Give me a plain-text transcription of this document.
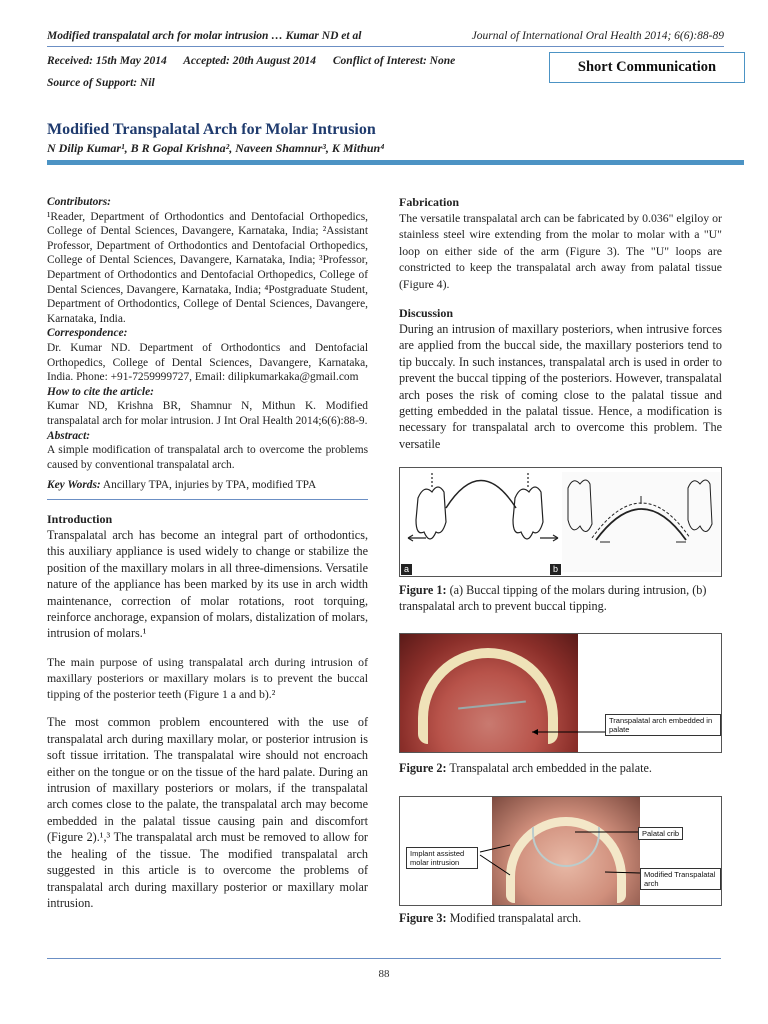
Modified transpalatal arch for molar intrusion … Kumar ND et al	Journal of International Oral Health 2014; 6(6):88-89
Received: 15th May 2014 Accepted: 20th August 2014 Conflict of Interest: None
Source of Support: Nil
Short Communication
Modified Transpalatal Arch for Molar Intrusion
N Dilip Kumar¹, B R Gopal Krishna², Naveen Shamnur³, K Mithun⁴
Contributors:
¹Reader, Department of Orthodontics and Dentofacial Orthopedics, College of Dental Sciences, Davangere, Karnataka, India; ²Assistant Professor, Department of Orthodontics and Dentofacial Orthopedics, College of Dental Sciences, Davangere, Karnataka, India; ³Professor, Department of Orthodontics and Dentofacial Orthopedics, College of Dental Sciences, Davangere, Karnataka, India; ⁴Postgraduate Student, Department of Orthodontics, College of Dental Sciences, Davangere, Karnataka, India.
Correspondence:
Dr. Kumar ND. Department of Orthodontics and Dentofacial Orthopedics, College of Dental Sciences, Davangere, Karnataka, India. Phone: +91-7259999727, Email: dilipkumarkaka@gmail.com
How to cite the article:
Kumar ND, Krishna BR, Shamnur N, Mithun K. Modified transpalatal arch for molar intrusion. J Int Oral Health 2014;6(6):88-9.
Abstract:
A simple modification of transpalatal arch to overcome the problems caused by conventional transpalatal arch.
Key Words: Ancillary TPA, injuries by TPA, modified TPA
Introduction

Transpalatal arch has become an integral part of orthodontics, this auxiliary appliance is used widely to change or stabilize the position of the maxillary molars in all three-dimensions. Versatile nature of the appliance has been marked by its use in arch width maintenance, correction of molar rotations, root torquing, reinforce anchorage, expansion of molars, distalization of molars, intrusion of molars.¹

The main purpose of using transpalatal arch during intrusion of maxillary posteriors or maxillary molars is to prevent the buccal tipping of the posterior teeth (Figure 1 a and b).²

The most common problem encountered with the use of transpalatal arch during maxillary molar, or posterior intrusion is soft tissue irritation. The transpalatal wire should not encroach either on the tongue or on the tissue of the hard palate. During an intrusion of maxillary posteriors or molars, if the transpalatal arch comes close to the palate, the transpalatal arch may become embedded in the palatal tissue causing pain and discomfort (Figure 2).¹,³ The transpalatal arch must be removed to allow for the healing of the tissue. The modified transpalatal arch suggested in this article is to overcome the problems of transpalatal arch during maxillary posterior or maxillary molar intrusion.

Fabrication

The versatile transpalatal arch can be fabricated by 0.036" elgiloy or stainless steel wire extending from the molar to molar with a "U" loop on either side of the arm (Figure 3). The "U" loops are constricted to keep the transpalatal arch away from palatal tissue (Figure 4).

Discussion

During an intrusion of maxillary posteriors, when intrusive forces are applied from the buccal side, the maxillary posteriors tend to tip buccaly. In such instances, transpalatal arch is used in order to prevent the buccal tipping of the posteriors. However, transpalatal arch poses the risk of coming close to the palatal tissue and getting embedded in the palatal tissue. Hence, a modification is necessary for transpalatal arch to overcome this problem. The versatile

a	b
Figure 1: (a) Buccal tipping of the molars during intrusion, (b) transpalatal arch to prevent buccal tipping.
Transpalatal arch embedded in palate
Figure 2: Transpalatal arch embedded in the palate.
Implant assisted molar intrusion
Palatal crib
Modified Transpalatal arch
Figure 3: Modified transpalatal arch.
88
